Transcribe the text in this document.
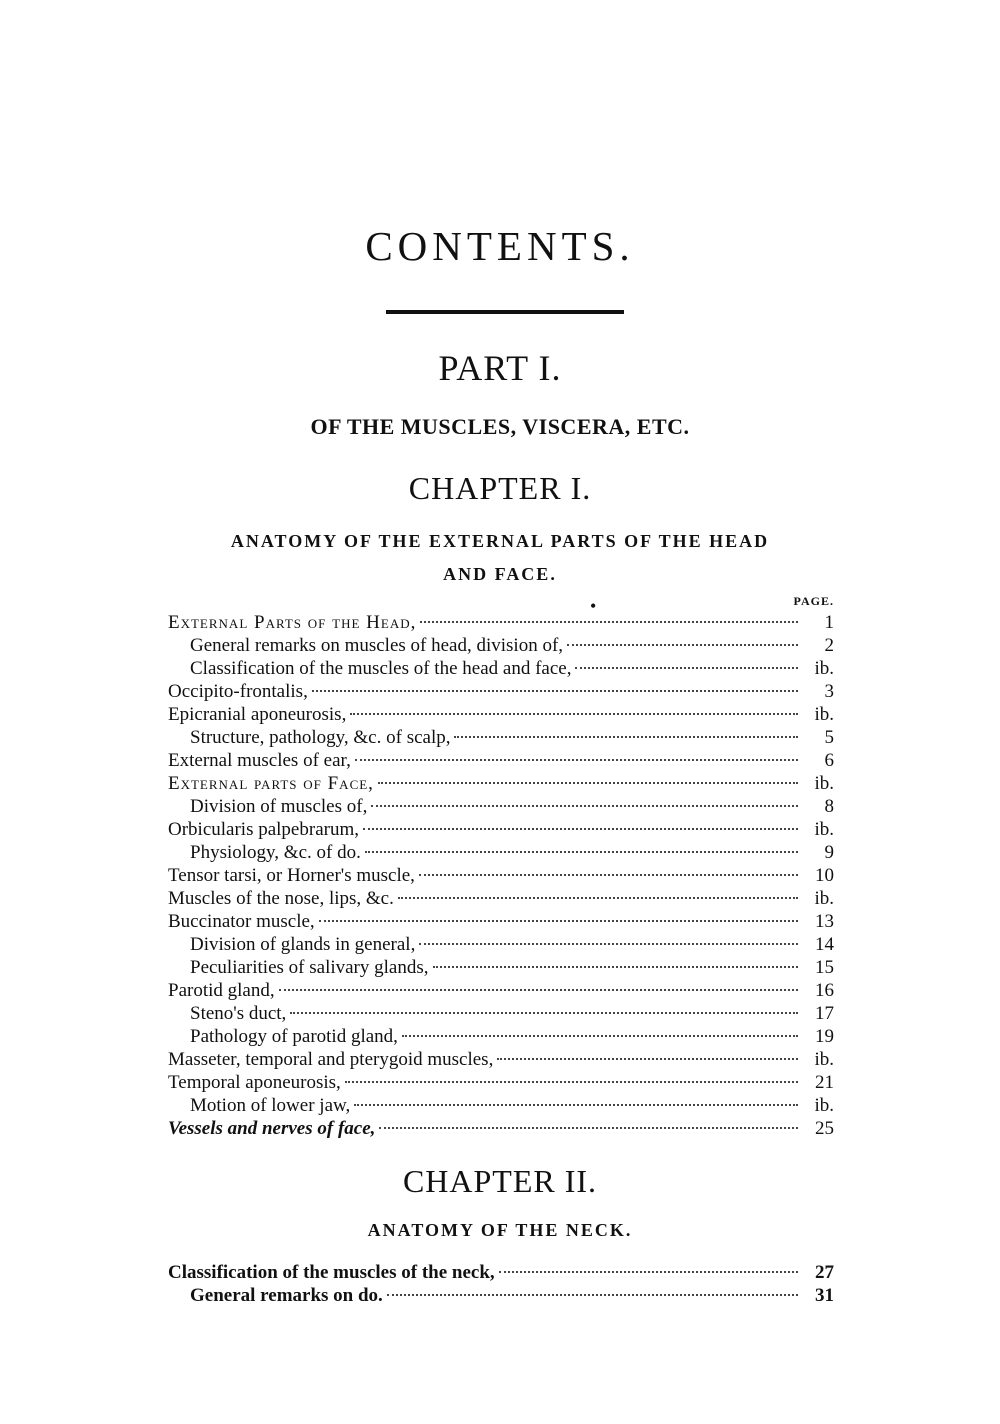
CONTENTS.
PART I.
OF THE MUSCLES, VISCERA, ETC.
CHAPTER I.
ANATOMY OF THE EXTERNAL PARTS OF THE HEAD
AND FACE.
•	PAGE.
External Parts of the Head,	1
General remarks on muscles of head, division of,	2
Classification of the muscles of the head and face,	ib.
Occipito-frontalis,	3
Epicranial aponeurosis,	ib.
Structure, pathology, &c. of scalp,	5
External muscles of ear,	6
External parts of Face,	ib.
Division of muscles of,	8
Orbicularis palpebrarum,	ib.
Physiology, &c. of do.	9
Tensor tarsi, or Horner's muscle,	10
Muscles of the nose, lips, &c.	ib.
Buccinator muscle,	13
Division of glands in general,	14
Peculiarities of salivary glands,	15
Parotid gland,	16
Steno's duct,	17
Pathology of parotid gland,	19
Masseter, temporal and pterygoid muscles,	ib.
Temporal aponeurosis,	21
Motion of lower jaw,	ib.
Vessels and nerves of face,	25
CHAPTER II.
ANATOMY OF THE NECK.
Classification of the muscles of the neck,	27
General remarks on do.	31
